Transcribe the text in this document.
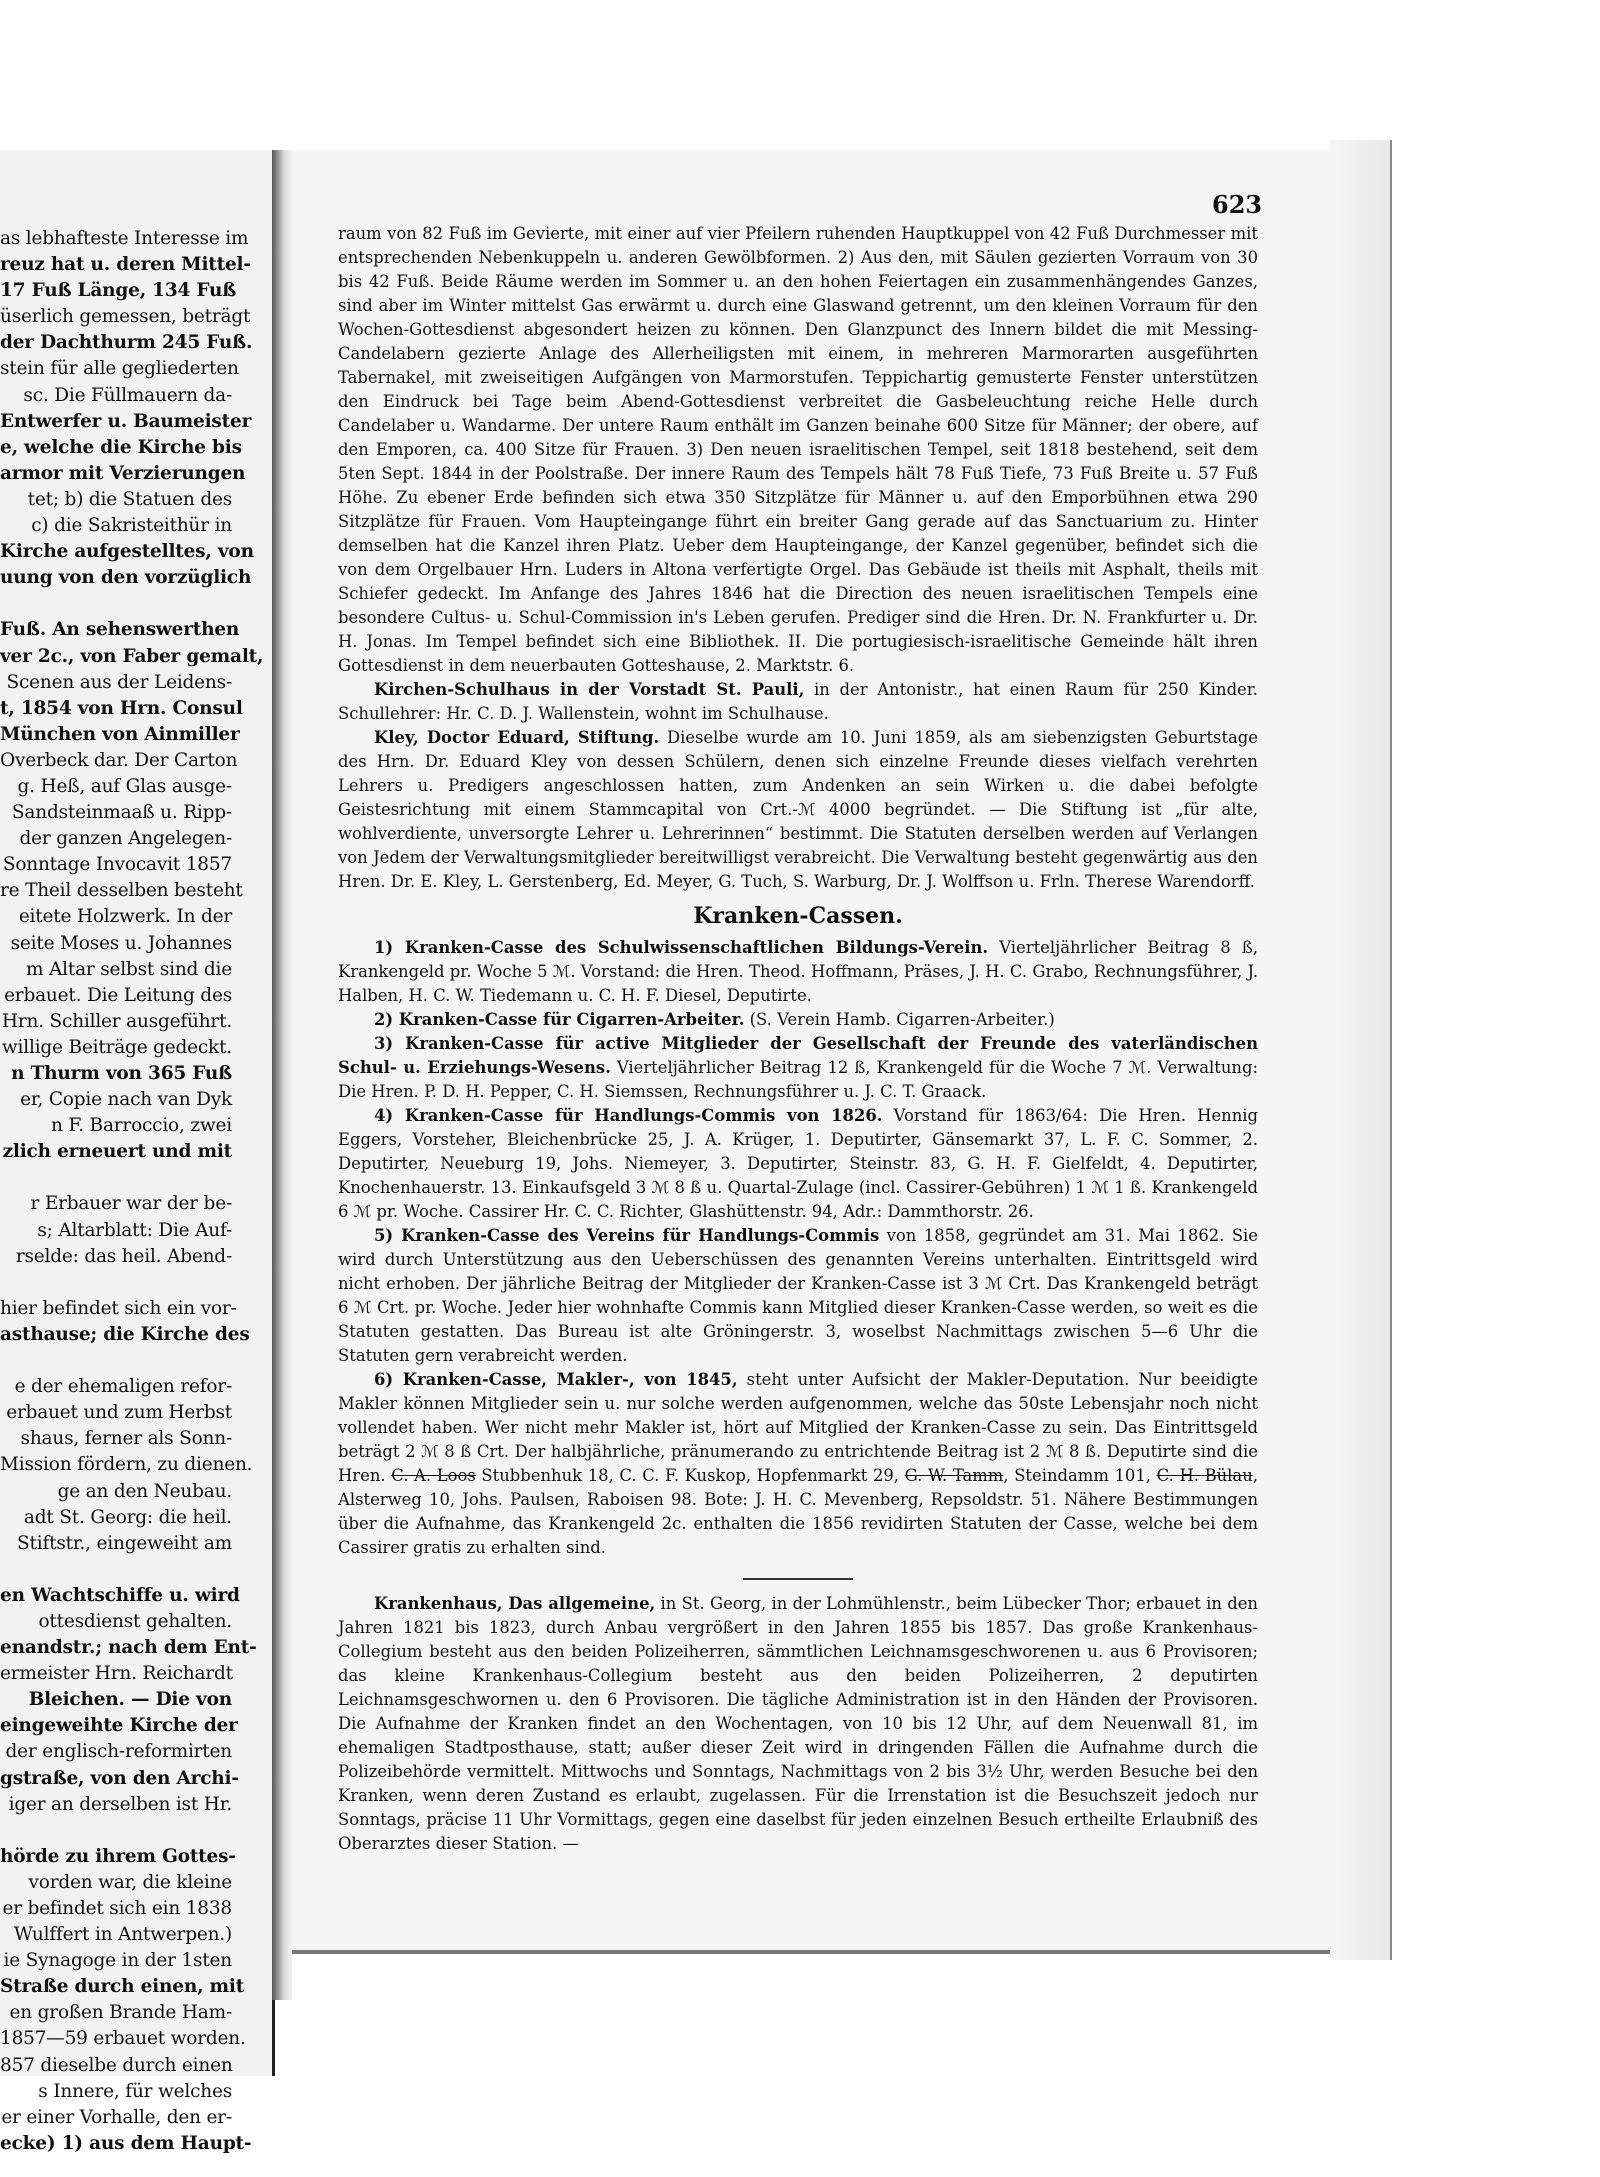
as lebhafteste Interesse im
reuz hat u. deren Mittel-
17 Fuß Länge, 134 Fuß
üserlich gemessen, beträgt
der Dachthurm 245 Fuß.
stein für alle gegliederten
sc. Die Füllmauern da-
Entwerfer u. Baumeister
e, welche die Kirche bis
armor mit Verzierungen
tet; b) die Statuen des
c) die Sakristeithür in
Kirche aufgestelltes, von
uung von den vorzüglich

Fuß. An sehenswerthen
ver 2c., von Faber gemalt,
Scenen aus der Leidens-
t, 1854 von Hrn. Consul
München von Ainmiller
Overbeck dar. Der Carton
g. Heß, auf Glas ausge-
Sandsteinmaaß u. Ripp-
der ganzen Angelegen-
Sonntage Invocavit 1857
re Theil desselben besteht
eitete Holzwerk. In der
seite Moses u. Johannes
m Altar selbst sind die
erbauet. Die Leitung des
Hrn. Schiller ausgeführt.
willige Beiträge gedeckt.
n Thurm von 365 Fuß
er, Copie nach van Dyk
n F. Barroccio, zwei
zlich erneuert und mit

r Erbauer war der be-
s; Altarblatt: Die Auf-
rselde: das heil. Abend-

hier befindet sich ein vor-
asthause; die Kirche des

e der ehemaligen refor-
erbauet und zum Herbst
shaus, ferner als Sonn-
Mission fördern, zu dienen.
ge an den Neubau.
adt St. Georg: die heil.
Stiftstr., eingeweiht am

en Wachtschiffe u. wird
ottesdienst gehalten.
enandstr.; nach dem Ent-
ermeister Hrn. Reichardt
Bleichen. — Die von
eingeweihte Kirche der
der englisch-reformirten
gstraße, von den Archi-
iger an derselben ist Hr.

hörde zu ihrem Gottes-
vorden war, die kleine
er befindet sich ein 1838
Wulffert in Antwerpen.)
ie Synagoge in der 1sten
Straße durch einen, mit
en großen Brande Ham-
1857—59 erbauet worden.
857 dieselbe durch einen
s Innere, für welches
er einer Vorhalle, den er-
ecke) 1) aus dem Haupt-
623

raum von 82 Fuß im Gevierte, mit einer auf vier Pfeilern ruhenden Hauptkuppel von 42 Fuß Durchmesser mit entsprechenden Nebenkuppeln u. anderen Gewölbformen. 2) Aus den, mit Säulen gezierten Vorraum von 30 bis 42 Fuß. Beide Räume werden im Sommer u. an den hohen Feiertagen ein zusammenhängendes Ganzes, sind aber im Winter mittelst Gas erwärmt u. durch eine Glaswand getrennt, um den kleinen Vorraum für den Wochen-Gottesdienst abgesondert heizen zu können. Den Glanzpunct des Innern bildet die mit Messing-Candelabern gezierte Anlage des Allerheiligsten mit einem, in mehreren Marmorarten ausgeführten Tabernakel, mit zweiseitigen Aufgängen von Marmorstufen. Teppichartig gemusterte Fenster unterstützen den Eindruck bei Tage beim Abend-Gottesdienst verbreitet die Gasbeleuchtung reiche Helle durch Candelaber u. Wandarme. Der untere Raum enthält im Ganzen beinahe 600 Sitze für Männer; der obere, auf den Emporen, ca. 400 Sitze für Frauen. 3) Den neuen israelitischen Tempel, seit 1818 bestehend, seit dem 5ten Sept. 1844 in der Poolstraße. Der innere Raum des Tempels hält 78 Fuß Tiefe, 73 Fuß Breite u. 57 Fuß Höhe. Zu ebener Erde befinden sich etwa 350 Sitzplätze für Männer u. auf den Emporbühnen etwa 290 Sitzplätze für Frauen. Vom Haupteingange führt ein breiter Gang gerade auf das Sanctuarium zu. Hinter demselben hat die Kanzel ihren Platz. Ueber dem Haupteingange, der Kanzel gegenüber, befindet sich die von dem Orgelbauer Hrn. Luders in Altona verfertigte Orgel. Das Gebäude ist theils mit Asphalt, theils mit Schiefer gedeckt. Im Anfange des Jahres 1846 hat die Direction des neuen israelitischen Tempels eine besondere Cultus- u. Schul-Commission in's Leben gerufen. Prediger sind die Hren. Dr. N. Frankfurter u. Dr. H. Jonas. Im Tempel befindet sich eine Bibliothek. II. Die portugiesisch-israelitische Gemeinde hält ihren Gottesdienst in dem neuerbauten Gotteshause, 2. Marktstr. 6.

Kirchen-Schulhaus in der Vorstadt St. Pauli, in der Antonistr., hat einen Raum für 250 Kinder. Schullehrer: Hr. C. D. J. Wallenstein, wohnt im Schulhause.

Kley, Doctor Eduard, Stiftung. Dieselbe wurde am 10. Juni 1859, als am siebenzigsten Geburtstage des Hrn. Dr. Eduard Kley von dessen Schülern, denen sich einzelne Freunde dieses vielfach verehrten Lehrers u. Predigers angeschlossen hatten, zum Andenken an sein Wirken u. die dabei befolgte Geistesrichtung mit einem Stammcapital von Crt.-ℳ 4000 begründet. — Die Stiftung ist „für alte, wohlverdiente, unversorgte Lehrer u. Lehrerinnen“ bestimmt. Die Statuten derselben werden auf Verlangen von Jedem der Verwaltungsmitglieder bereitwilligst verabreicht. Die Verwaltung besteht gegenwärtig aus den Hren. Dr. E. Kley, L. Gerstenberg, Ed. Meyer, G. Tuch, S. Warburg, Dr. J. Wolffson u. Frln. Therese Warendorff.

Kranken-Cassen.

1) Kranken-Casse des Schulwissenschaftlichen Bildungs-Verein. Vierteljährlicher Beitrag 8 ß, Krankengeld pr. Woche 5 ℳ. Vorstand: die Hren. Theod. Hoffmann, Präses, J. H. C. Grabo, Rechnungsführer, J. Halben, H. C. W. Tiedemann u. C. H. F. Diesel, Deputirte.

2) Kranken-Casse für Cigarren-Arbeiter. (S. Verein Hamb. Cigarren-Arbeiter.)

3) Kranken-Casse für active Mitglieder der Gesellschaft der Freunde des vaterländischen Schul- u. Erziehungs-Wesens. Vierteljährlicher Beitrag 12 ß, Krankengeld für die Woche 7 ℳ. Verwaltung: Die Hren. P. D. H. Pepper, C. H. Siemssen, Rechnungsführer u. J. C. T. Graack.

4) Kranken-Casse für Handlungs-Commis von 1826. Vorstand für 1863/64: Die Hren. Hennig Eggers, Vorsteher, Bleichenbrücke 25, J. A. Krüger, 1. Deputirter, Gänsemarkt 37, L. F. C. Sommer, 2. Deputirter, Neueburg 19, Johs. Niemeyer, 3. Deputirter, Steinstr. 83, G. H. F. Gielfeldt, 4. Deputirter, Knochenhauerstr. 13. Einkaufsgeld 3 ℳ 8 ß u. Quartal-Zulage (incl. Cassirer-Gebühren) 1 ℳ 1 ß. Krankengeld 6 ℳ pr. Woche. Cassirer Hr. C. C. Richter, Glashüttenstr. 94, Adr.: Dammthorstr. 26.

5) Kranken-Casse des Vereins für Handlungs-Commis von 1858, gegründet am 31. Mai 1862. Sie wird durch Unterstützung aus den Ueberschüssen des genannten Vereins unterhalten. Eintrittsgeld wird nicht erhoben. Der jährliche Beitrag der Mitglieder der Kranken-Casse ist 3 ℳ Crt. Das Krankengeld beträgt 6 ℳ Crt. pr. Woche. Jeder hier wohnhafte Commis kann Mitglied dieser Kranken-Casse werden, so weit es die Statuten gestatten. Das Bureau ist alte Gröningerstr. 3, woselbst Nachmittags zwischen 5—6 Uhr die Statuten gern verabreicht werden.

6) Kranken-Casse, Makler-, von 1845, steht unter Aufsicht der Makler-Deputation. Nur beeidigte Makler können Mitglieder sein u. nur solche werden aufgenommen, welche das 50ste Lebensjahr noch nicht vollendet haben. Wer nicht mehr Makler ist, hört auf Mitglied der Kranken-Casse zu sein. Das Eintrittsgeld beträgt 2 ℳ 8 ß Crt. Der halbjährliche, pränumerando zu entrichtende Beitrag ist 2 ℳ 8 ß. Deputirte sind die Hren. C. A. Loos Stubbenhuk 18, C. C. F. Kuskop, Hopfenmarkt 29, G. W. Tamm, Steindamm 101, C. H. Bülau, Alsterweg 10, Johs. Paulsen, Raboisen 98. Bote: J. H. C. Mevenberg, Repsoldstr. 51. Nähere Bestimmungen über die Aufnahme, das Krankengeld 2c. enthalten die 1856 revidirten Statuten der Casse, welche bei dem Cassirer gratis zu erhalten sind.

Krankenhaus, Das allgemeine, in St. Georg, in der Lohmühlenstr., beim Lübecker Thor; erbauet in den Jahren 1821 bis 1823, durch Anbau vergrößert in den Jahren 1855 bis 1857. Das große Krankenhaus-Collegium besteht aus den beiden Polizeiherren, sämmtlichen Leichnamsgeschworenen u. aus 6 Provisoren; das kleine Krankenhaus-Collegium besteht aus den beiden Polizeiherren, 2 deputirten Leichnamsgeschwornen u. den 6 Provisoren. Die tägliche Administration ist in den Händen der Provisoren. Die Aufnahme der Kranken findet an den Wochentagen, von 10 bis 12 Uhr, auf dem Neuenwall 81, im ehemaligen Stadtposthause, statt; außer dieser Zeit wird in dringenden Fällen die Aufnahme durch die Polizeibehörde vermittelt. Mittwochs und Sonntags, Nachmittags von 2 bis 3½ Uhr, werden Besuche bei den Kranken, wenn deren Zustand es erlaubt, zugelassen. Für die Irrenstation ist die Besuchszeit jedoch nur Sonntags, präcise 11 Uhr Vormittags, gegen eine daselbst für jeden einzelnen Besuch ertheilte Erlaubniß des Oberarztes dieser Station. —
